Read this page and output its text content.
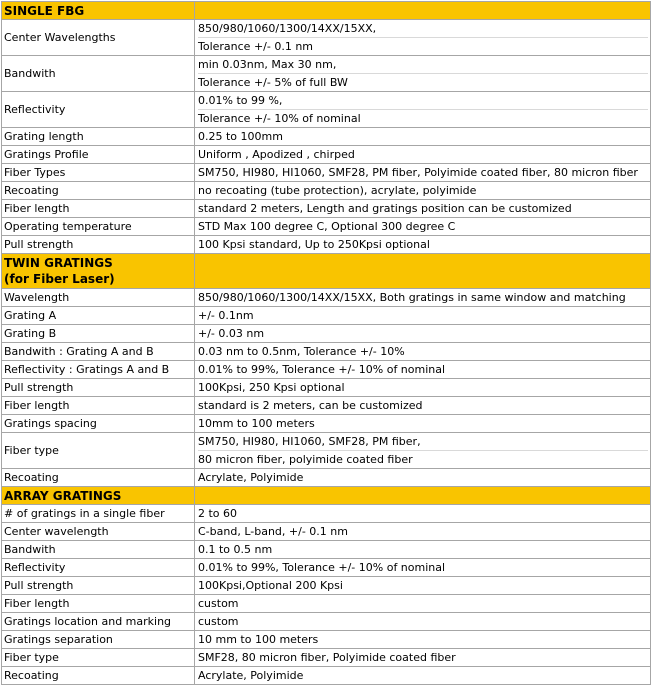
SINGLE FBG	

Center Wavelengths	850/980/1060/1300/14XX/15XX,
Tolerance +/- 0.1 nm

Bandwith	min 0.03nm, Max 30 nm,
Tolerance +/- 5% of full BW

Reflectivity	0.01% to 99 %,
Tolerance +/- 10% of nominal

Grating length	0.25 to 100mm
Gratings Profile	Uniform , Apodized , chirped
Fiber Types	SM750, HI980, HI1060, SMF28, PM fiber, Polyimide coated fiber, 80 micron fiber
Recoating	no recoating (tube protection), acrylate, polyimide
Fiber length	standard 2 meters, Length and gratings position can be customized
Operating temperature	STD Max 100 degree C, Optional 300 degree C
Pull strength	100 Kpsi standard, Up to 250Kpsi optional

TWIN GRATINGS
(for Fiber Laser)	

Wavelength	850/980/1060/1300/14XX/15XX, Both gratings in same window and matching
Grating A	+/- 0.1nm
Grating B	+/- 0.03 nm
Bandwith : Grating A and B	0.03 nm to 0.5nm, Tolerance +/- 10%
Reflectivity : Gratings A and B	0.01% to 99%, Tolerance +/- 10% of nominal
Pull strength	100Kpsi, 250 Kpsi optional
Fiber length	standard is 2 meters, can be customized
Gratings spacing	10mm to 100 meters
Fiber type	SM750, HI980, HI1060, SMF28, PM fiber,
80 micron fiber, polyimide coated fiber

Recoating	Acrylate, Polyimide

ARRAY GRATINGS	

# of gratings in a single fiber	2 to 60
Center wavelength	C-band, L-band, +/- 0.1 nm
Bandwith	0.1 to 0.5 nm
Reflectivity	0.01% to 99%, Tolerance +/- 10% of nominal
Pull strength	100Kpsi,Optional 200 Kpsi
Fiber length	custom
Gratings location and marking	custom
Gratings separation	10 mm to 100 meters
Fiber type	SMF28, 80 micron fiber, Polyimide coated fiber
Recoating	Acrylate, Polyimide
